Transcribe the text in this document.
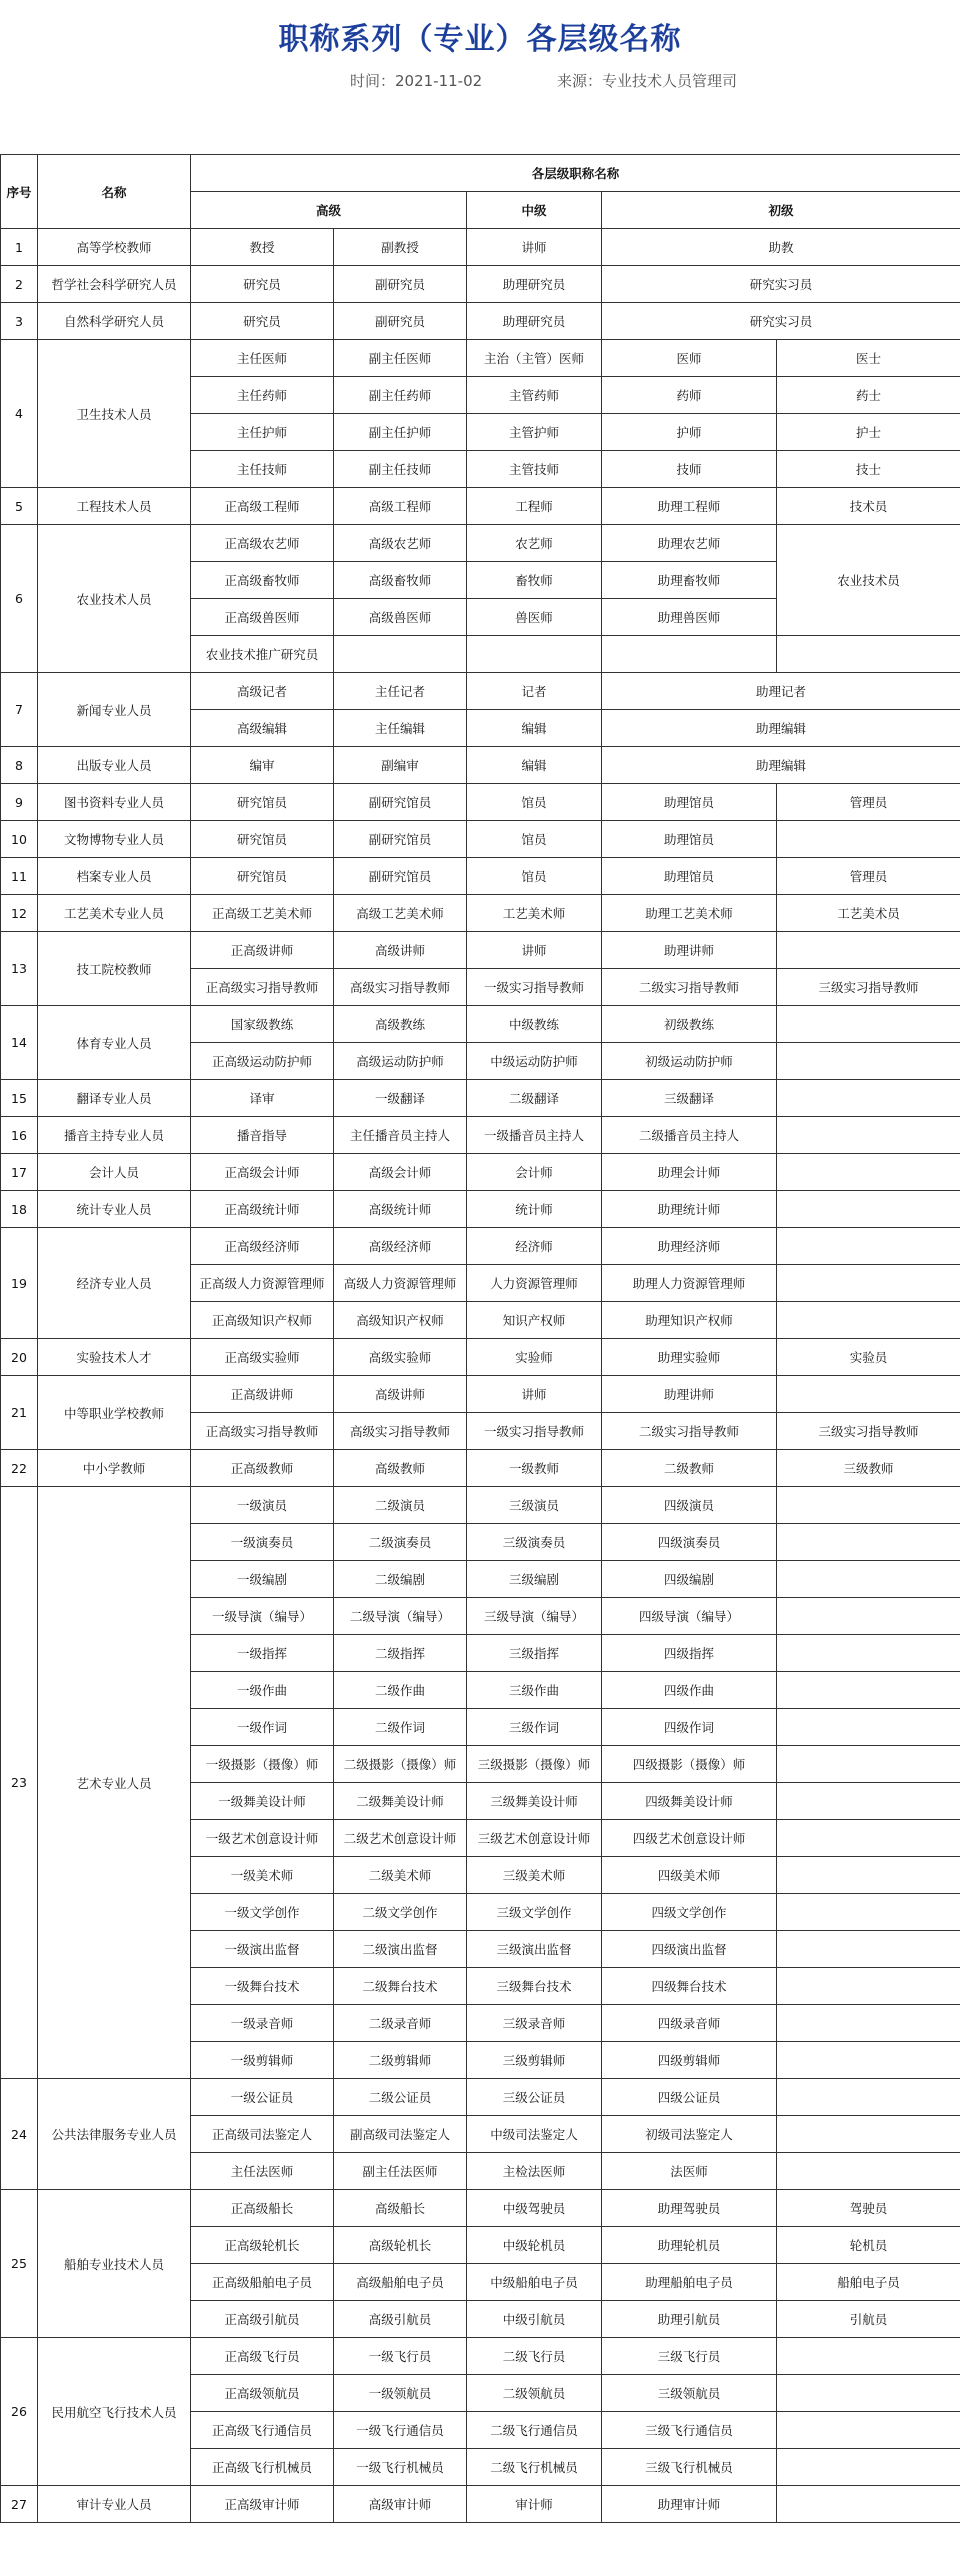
职称系列（专业）各层级名称
时间：2021-11-02	来源：专业技术人员管理司
序号	名称	各层级职称名称				
		高级		中级	初级	
1	高等学校教师	教授	副教授	讲师	助教	
2	哲学社会科学研究人员	研究员	副研究员	助理研究员	研究实习员	
3	自然科学研究人员	研究员	副研究员	助理研究员	研究实习员	
4	卫生技术人员	主任医师	副主任医师	主治（主管）医师	医师	医士
		主任药师	副主任药师	主管药师	药师	药士
		主任护师	副主任护师	主管护师	护师	护士
		主任技师	副主任技师	主管技师	技师	技士
5	工程技术人员	正高级工程师	高级工程师	工程师	助理工程师	技术员
6	农业技术人员	正高级农艺师	高级农艺师	农艺师	助理农艺师	农业技术员
		正高级畜牧师	高级畜牧师	畜牧师	助理畜牧师	
		正高级兽医师	高级兽医师	兽医师	助理兽医师	
		农业技术推广研究员				
7	新闻专业人员	高级记者	主任记者	记者	助理记者	
		高级编辑	主任编辑	编辑	助理编辑	
8	出版专业人员	编审	副编审	编辑	助理编辑	
9	图书资料专业人员	研究馆员	副研究馆员	馆员	助理馆员	管理员
10	文物博物专业人员	研究馆员	副研究馆员	馆员	助理馆员	
11	档案专业人员	研究馆员	副研究馆员	馆员	助理馆员	管理员
12	工艺美术专业人员	正高级工艺美术师	高级工艺美术师	工艺美术师	助理工艺美术师	工艺美术员
13	技工院校教师	正高级讲师	高级讲师	讲师	助理讲师	
		正高级实习指导教师	高级实习指导教师	一级实习指导教师	二级实习指导教师	三级实习指导教师
14	体育专业人员	国家级教练	高级教练	中级教练	初级教练	
		正高级运动防护师	高级运动防护师	中级运动防护师	初级运动防护师	
15	翻译专业人员	译审	一级翻译	二级翻译	三级翻译	
16	播音主持专业人员	播音指导	主任播音员主持人	一级播音员主持人	二级播音员主持人	
17	会计人员	正高级会计师	高级会计师	会计师	助理会计师	
18	统计专业人员	正高级统计师	高级统计师	统计师	助理统计师	
19	经济专业人员	正高级经济师	高级经济师	经济师	助理经济师	
		正高级人力资源管理师	高级人力资源管理师	人力资源管理师	助理人力资源管理师	
		正高级知识产权师	高级知识产权师	知识产权师	助理知识产权师	
20	实验技术人才	正高级实验师	高级实验师	实验师	助理实验师	实验员
21	中等职业学校教师	正高级讲师	高级讲师	讲师	助理讲师	
		正高级实习指导教师	高级实习指导教师	一级实习指导教师	二级实习指导教师	三级实习指导教师
22	中小学教师	正高级教师	高级教师	一级教师	二级教师	三级教师
23	艺术专业人员	一级演员	二级演员	三级演员	四级演员	
		一级演奏员	二级演奏员	三级演奏员	四级演奏员	
		一级编剧	二级编剧	三级编剧	四级编剧	
		一级导演（编导）	二级导演（编导）	三级导演（编导）	四级导演（编导）	
		一级指挥	二级指挥	三级指挥	四级指挥	
		一级作曲	二级作曲	三级作曲	四级作曲	
		一级作词	二级作词	三级作词	四级作词	
		一级摄影（摄像）师	二级摄影（摄像）师	三级摄影（摄像）师	四级摄影（摄像）师	
		一级舞美设计师	二级舞美设计师	三级舞美设计师	四级舞美设计师	
		一级艺术创意设计师	二级艺术创意设计师	三级艺术创意设计师	四级艺术创意设计师	
		一级美术师	二级美术师	三级美术师	四级美术师	
		一级文学创作	二级文学创作	三级文学创作	四级文学创作	
		一级演出监督	二级演出监督	三级演出监督	四级演出监督	
		一级舞台技术	二级舞台技术	三级舞台技术	四级舞台技术	
		一级录音师	二级录音师	三级录音师	四级录音师	
		一级剪辑师	二级剪辑师	三级剪辑师	四级剪辑师	
24	公共法律服务专业人员	一级公证员	二级公证员	三级公证员	四级公证员	
		正高级司法鉴定人	副高级司法鉴定人	中级司法鉴定人	初级司法鉴定人	
		主任法医师	副主任法医师	主检法医师	法医师	
25	船舶专业技术人员	正高级船长	高级船长	中级驾驶员	助理驾驶员	驾驶员
		正高级轮机长	高级轮机长	中级轮机员	助理轮机员	轮机员
		正高级船舶电子员	高级船舶电子员	中级船舶电子员	助理船舶电子员	船舶电子员
		正高级引航员	高级引航员	中级引航员	助理引航员	引航员
26	民用航空飞行技术人员	正高级飞行员	一级飞行员	二级飞行员	三级飞行员	
		正高级领航员	一级领航员	二级领航员	三级领航员	
		正高级飞行通信员	一级飞行通信员	二级飞行通信员	三级飞行通信员	
		正高级飞行机械员	一级飞行机械员	二级飞行机械员	三级飞行机械员	
27	审计专业人员	正高级审计师	高级审计师	审计师	助理审计师	
